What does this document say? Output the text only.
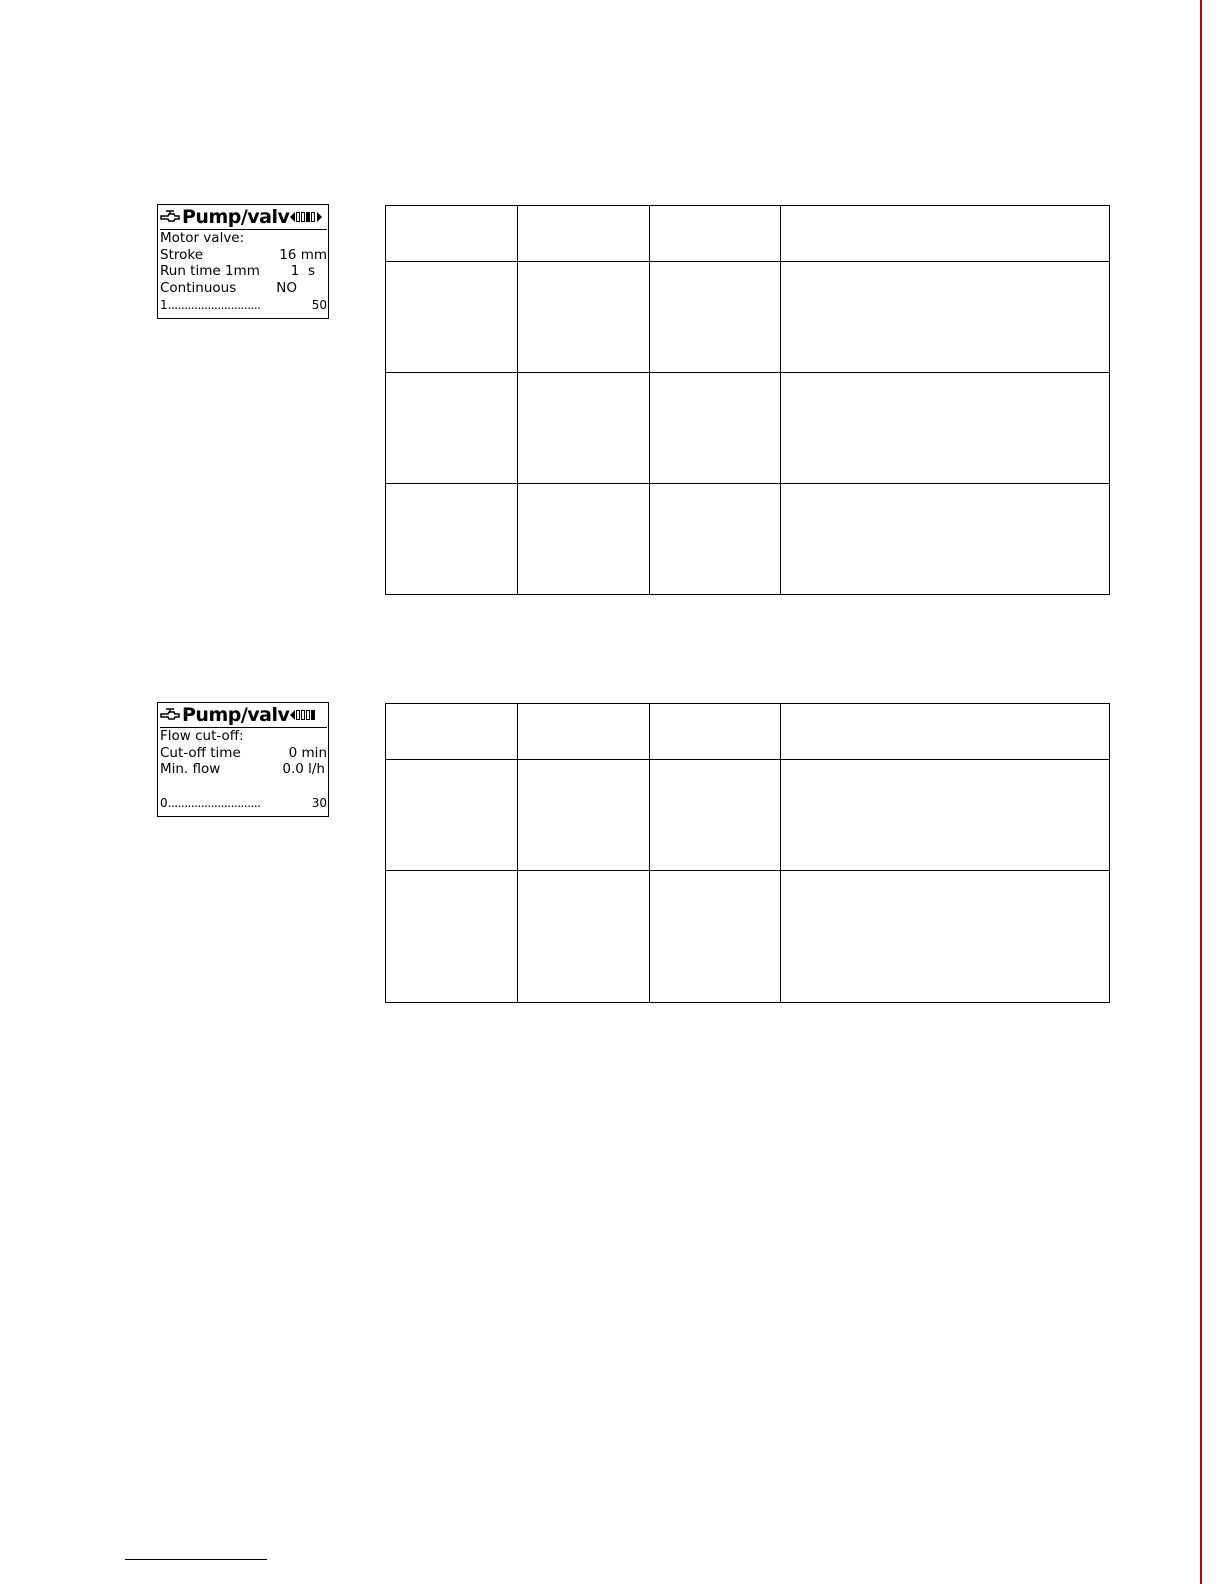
Pump/valv
Motor valve:
Stroke	16 mm
Run time 1mm 1  s
Continuous	NO
1 ............................	50

Pump/valv
Flow cut-off:
Cut-off time	0 min
Min. flow	0.0 l/h
0 ............................	30
